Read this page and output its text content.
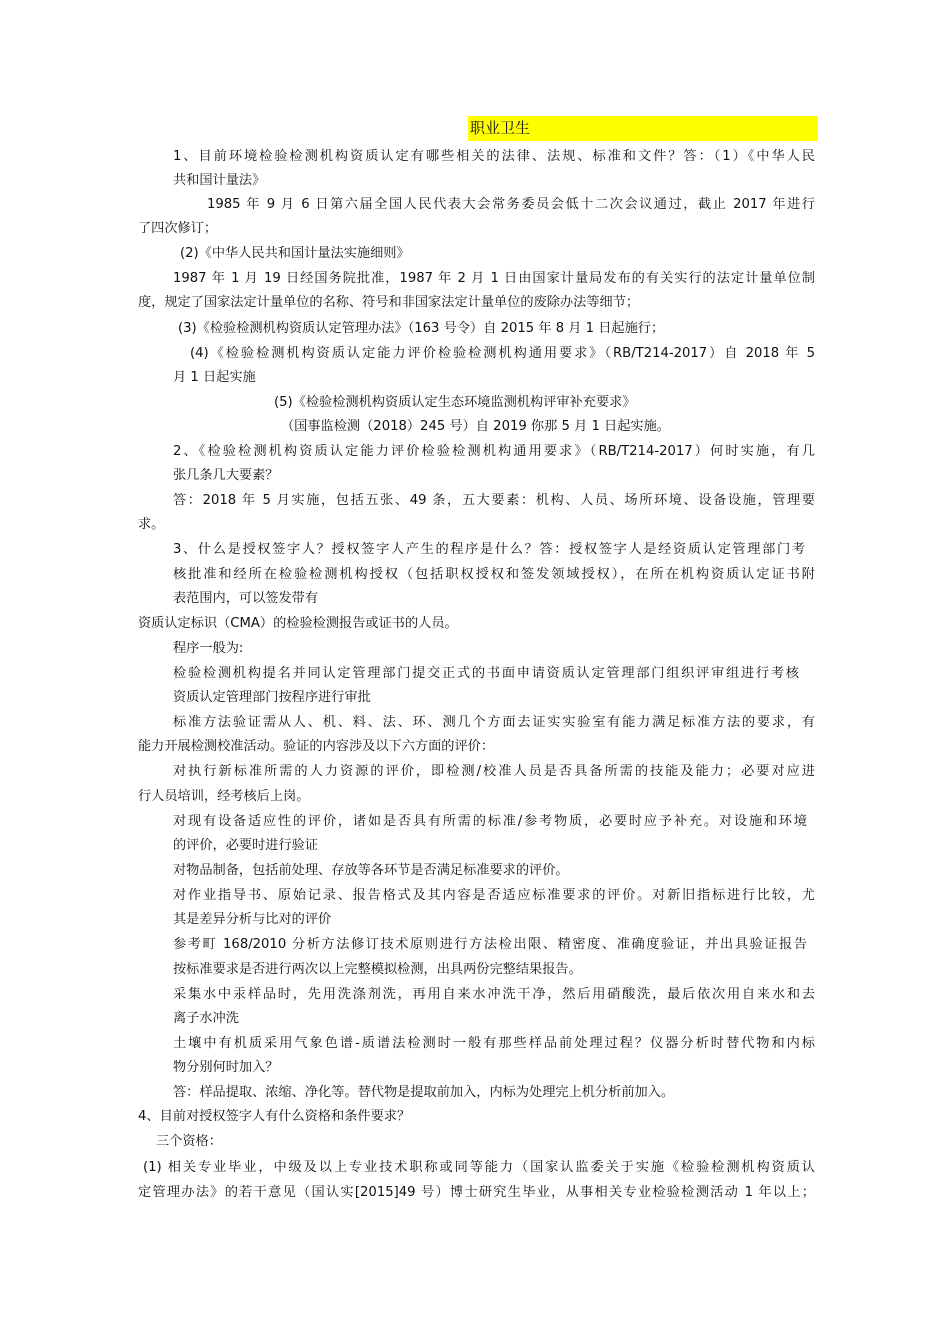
职业卫生
1、目前环境检验检测机构资质认定有哪些相关的法律、法规、标准和文件？答：（1）《中华人民
共和国计量法》
1985 年 9 月 6 日第六届全国人民代表大会常务委员会低十二次会议通过，截止 2017 年进行
了四次修订；
(2)《中华人民共和国计量法实施细则》
1987 年 1 月 19 日经国务院批准，1987 年 2 月 1 日由国家计量局发布的有关实行的法定计量单位制
度，规定了国家法定计量单位的名称、符号和非国家法定计量单位的废除办法等细节；
(3)《检验检测机构资质认定管理办法》（163 号令）自 2015 年 8 月 1 日起施行；
(4)《检验检测机构资质认定能力评价检验检测机构通用要求》（RB/T214-2017）自 2018 年 5
月 1 日起实施
(5)《检验检测机构资质认定生态环境监测机构评审补充要求》
（国事监检测（2018）245 号）自 2019 你那 5 月 1 日起实施。
2、《检验检测机构资质认定能力评价检验检测机构通用要求》（RB/T214-2017）何时实施，有几
张几条几大要素？
答：2018 年 5 月实施，包括五张、49 条，五大要素：机构、人员、场所环境、设备设施，管理要
求。
3、什么是授权签字人？授权签字人产生的程序是什么？答：授权签字人是经资质认定管理部门考
核批准和经所在检验检测机构授权（包括职权授权和签发领域授权），在所在机构资质认定证书附
表范围内，可以签发带有
资质认定标识（CMA）的检验检测报告或证书的人员。
程序一般为:
检验检测机构提名并同认定管理部门提交正式的书面申请资质认定管理部门组织评审组进行考核
资质认定管理部门按程序进行审批
标准方法验证需从人、机、料、法、环、测几个方面去证实实验室有能力满足标准方法的要求，有
能力开展检测校准活动。验证的内容涉及以下六方面的评价：
对执行新标准所需的人力资源的评价，即检测/校准人员是否具备所需的技能及能力；必要对应进
行人员培训，经考核后上岗。
对现有设备适应性的评价，诸如是否具有所需的标准/参考物质，必要时应予补充。对设施和环境
的评价，必要时进行验证
对物品制备，包括前处理、存放等各环节是否满足标准要求的评价。
对作业指导书、原始记录、报告格式及其内容是否适应标准要求的评价。对新旧指标进行比较，尤
其是差异分析与比对的评价
参考町 168/2010 分析方法修订技术原则进行方法检出限、精密度、准确度验证，并出具验证报告
按标准要求是否进行两次以上完整模拟检测，出具两份完整结果报告。
采集水中汞样品时，先用洗涤剂洗，再用自来水冲洗干净，然后用硝酸洗，最后依次用自来水和去
离子水冲洗
土壤中有机质采用气象色谱-质谱法检测时一般有那些样品前处理过程？仪器分析时替代物和内标
物分别何时加入？
答：样品提取、浓缩、净化等。替代物是提取前加入，内标为处理完上机分析前加入。
4、目前对授权签字人有什么资格和条件要求？
三个资格：
(1) 相关专业毕业，中级及以上专业技术职称或同等能力（国家认监委关于实施《检验检测机构资质认
定管理办法》的若干意见（国认实[2015]49 号）博士研究生毕业，从事相关专业检验检测活动 1 年以上；
